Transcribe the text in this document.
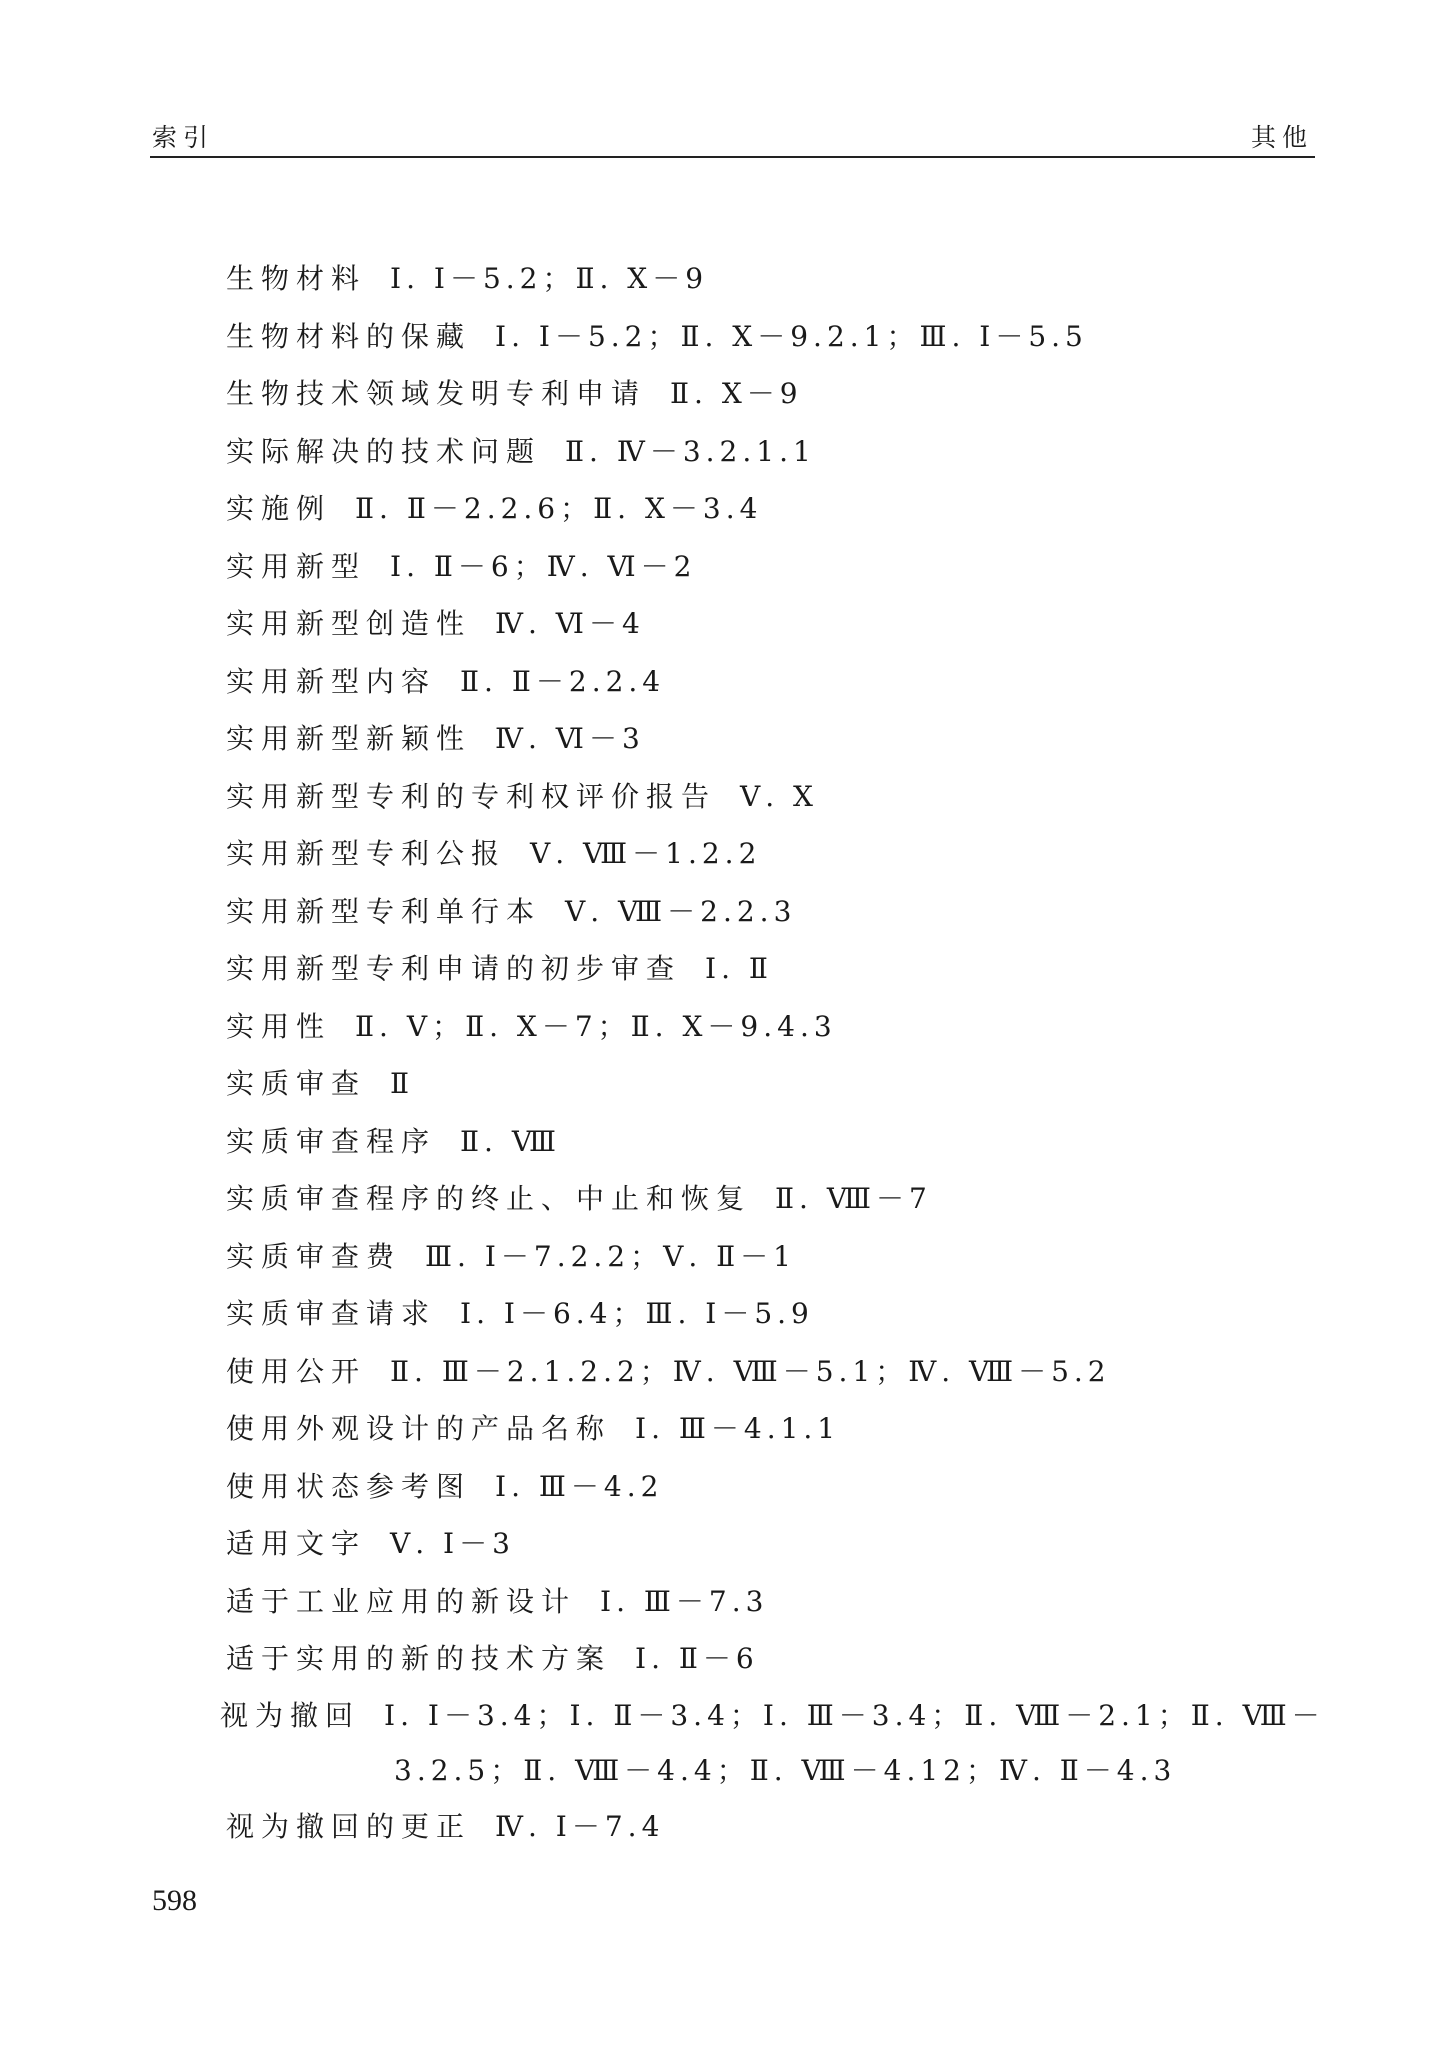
索引	其他
生物材料 Ⅰ. Ⅰ－5.2；Ⅱ. Ⅹ－9
生物材料的保藏 Ⅰ. Ⅰ－5.2；Ⅱ. Ⅹ－9.2.1；Ⅲ. Ⅰ－5.5
生物技术领域发明专利申请 Ⅱ. Ⅹ－9
实际解决的技术问题 Ⅱ. Ⅳ－3.2.1.1
实施例 Ⅱ. Ⅱ－2.2.6；Ⅱ. Ⅹ－3.4
实用新型 Ⅰ. Ⅱ－6；Ⅳ. Ⅵ－2
实用新型创造性 Ⅳ. Ⅵ－4
实用新型内容 Ⅱ. Ⅱ－2.2.4
实用新型新颖性 Ⅳ. Ⅵ－3
实用新型专利的专利权评价报告 Ⅴ. Ⅹ
实用新型专利公报 Ⅴ. Ⅷ－1.2.2
实用新型专利单行本 Ⅴ. Ⅷ－2.2.3
实用新型专利申请的初步审查 Ⅰ. Ⅱ
实用性 Ⅱ. Ⅴ；Ⅱ. Ⅹ－7；Ⅱ. Ⅹ－9.4.3
实质审查 Ⅱ
实质审查程序 Ⅱ. Ⅷ
实质审查程序的终止、中止和恢复 Ⅱ. Ⅷ－7
实质审查费 Ⅲ. Ⅰ－7.2.2；Ⅴ. Ⅱ－1
实质审查请求 Ⅰ. Ⅰ－6.4；Ⅲ. Ⅰ－5.9
使用公开 Ⅱ. Ⅲ－2.1.2.2；Ⅳ. Ⅷ－5.1；Ⅳ. Ⅷ－5.2
使用外观设计的产品名称 Ⅰ. Ⅲ－4.1.1
使用状态参考图 Ⅰ. Ⅲ－4.2
适用文字 Ⅴ. Ⅰ－3
适于工业应用的新设计 Ⅰ. Ⅲ－7.3
适于实用的新的技术方案 Ⅰ. Ⅱ－6
视为撤回 Ⅰ. Ⅰ－3.4；Ⅰ. Ⅱ－3.4；Ⅰ. Ⅲ－3.4；Ⅱ. Ⅷ－2.1；Ⅱ. Ⅷ－
3.2.5；Ⅱ. Ⅷ－4.4；Ⅱ. Ⅷ－4.12；Ⅳ. Ⅱ－4.3
视为撤回的更正 Ⅳ. Ⅰ－7.4
598
